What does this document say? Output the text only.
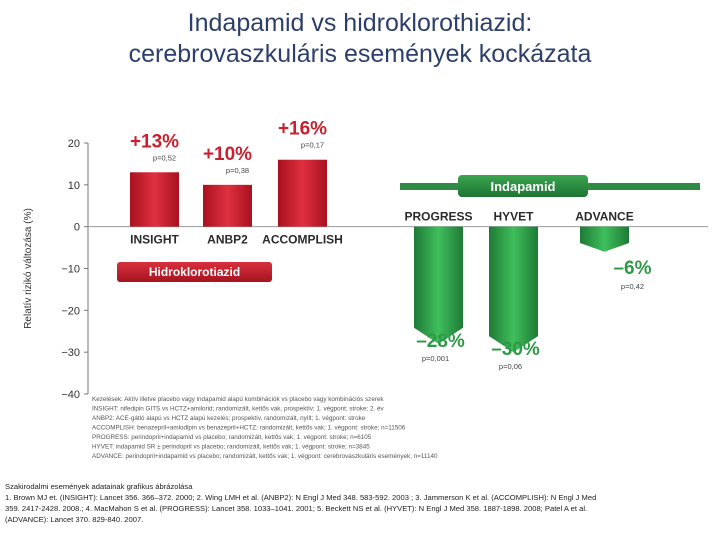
Indapamid vs hidroklorothiazid:
cerebrovaszkuláris események kockázata
20
10
0
−10
−20
−30
−40
Relatív rizikó változása (%)	INSIGHT
+13%
p=0,52
ANBP2
+10%
p=0,38
ACCOMPLISH
+16%
p=0,17
PROGRESS
–28%
p=0,001
HYVET
–30%
p=0,06
ADVANCE
–6%
p=0,42
Hidroklorotiazid
Indapamid
Kezelések: Aktív illetve placebo vagy indapamid alapú kombinációk vs placebo vagy kombinációs szerek
INSIGHT: nifedipin GITS vs HCTZ+amilorid; randomizált, kettős vak, prospektív; 1. végpont: stroke; 2. év
ANBP2: ACE-gátló alapú vs HCTZ alapú kezelés; prospektív, randomizált, nyílt; 1. végpont: stroke
ACCOMPLISH: benazepril+amlodipin vs benazepril+HCTZ; randomizált, kettős vak; 1. végpont: stroke; n=11506
PROGRESS: perindopril+indapamid vs placebo; randomizált, kettős vak; 1. végpont: stroke; n=6105
HYVET: indapamid SR ± perindopril vs placebo; randomizált, kettős vak; 1. végpont: stroke; n=3845
ADVANCE: perindopril+indapamid vs placebo; randomizált, kettős vak; 1. végpont: cerebrovaszkuláris események; n=11140
Szakirodalmi események adatainak grafikus ábrázolása
1. Brown MJ et. (INSIGHT): Lancet 356. 366–372. 2000; 2. Wing LMH et al. (ANBP2): N Engl J Med 348. 583-592. 2003 ; 3. Jammerson K et al. (ACCOMPLISH): N Engl J Med
359. 2417-2428. 2008.; 4. MacMahon S et al. (PROGRESS): Lancet 358. 1033–1041. 2001; 5. Beckett NS et al. (HYVET): N Engl J Med 358. 1887-1898. 2008; Patel A et al.
(ADVANCE): Lancet 370. 829-840. 2007.
